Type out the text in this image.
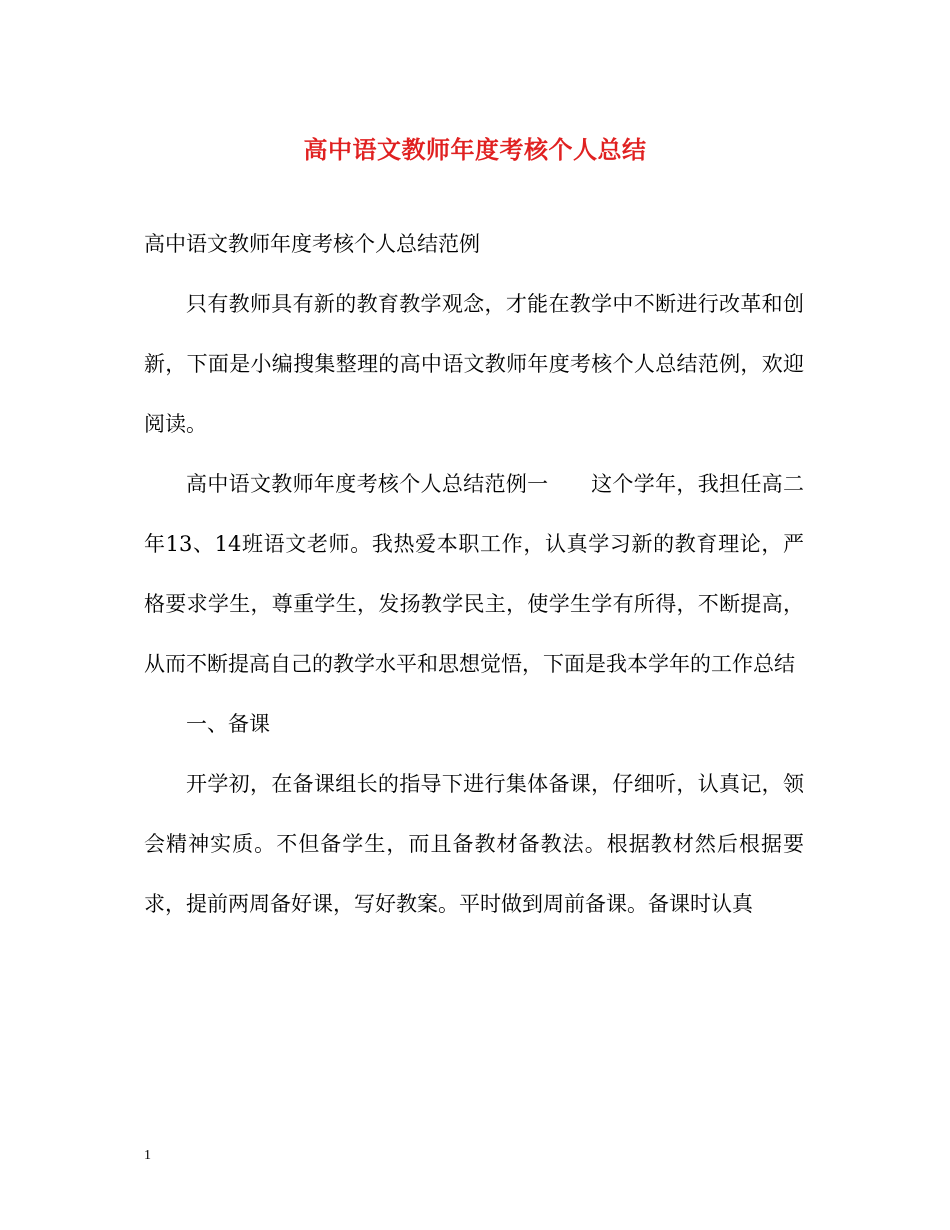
高中语文教师年度考核个人总结

高中语文教师年度考核个人总结范例

只有教师具有新的教育教学观念，才能在教学中不断进行改革和创新，下面是小编搜集整理的高中语文教师年度考核个人总结范例，欢迎阅读。

高中语文教师年度考核个人总结范例一　　这个学年，我担任高二年13、14班语文老师。我热爱本职工作，认真学习新的教育理论，严格要求学生，尊重学生，发扬教学民主，使学生学有所得，不断提高，从而不断提高自己的教学水平和思想觉悟，下面是我本学年的工作总结

一、备课

开学初，在备课组长的指导下进行集体备课，仔细听，认真记，领会精神实质。不但备学生，而且备教材备教法。根据教材然后根据要求，提前两周备好课，写好教案。平时做到周前备课。备课时认真

1
